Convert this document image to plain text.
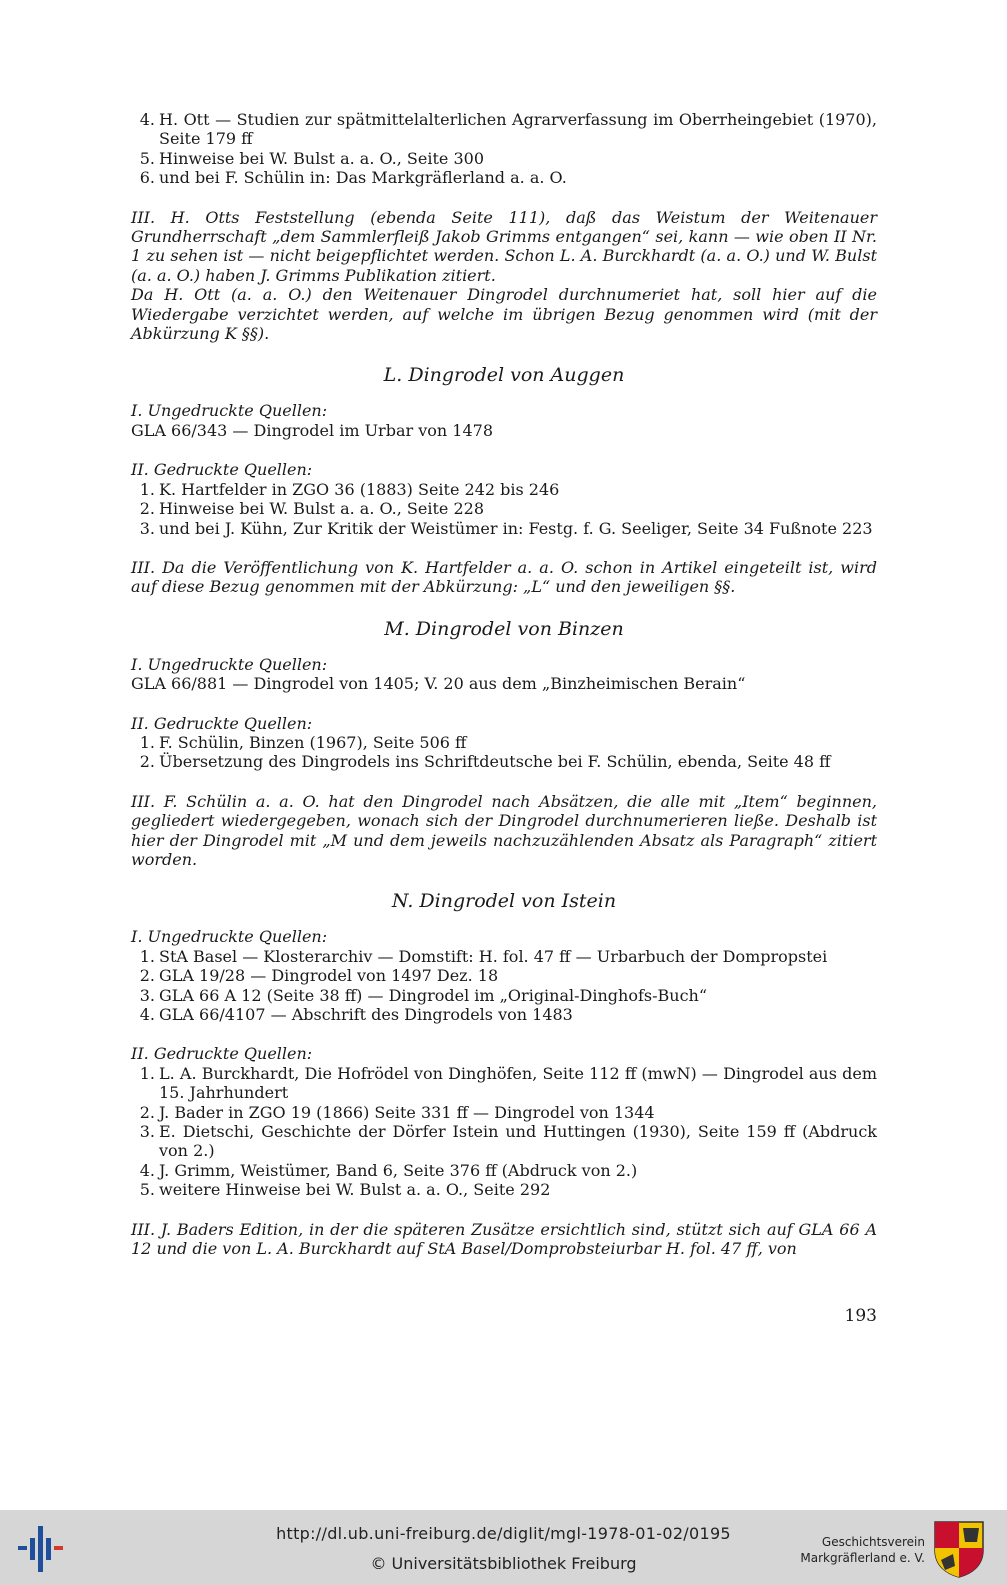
4. H. Ott — Studien zur spätmittelalterlichen Agrarverfassung im Oberrheingebiet (1970), Seite 179 ff
5. Hinweise bei W. Bulst a. a. O., Seite 300
6. und bei F. Schülin in: Das Markgräflerland a. a. O.

III. H. Otts Feststellung (ebenda Seite 111), daß das Weistum der Weitenauer Grundherrschaft „dem Sammlerfleiß Jakob Grimms entgangen“ sei, kann — wie oben II Nr. 1 zu sehen ist — nicht beigepflichtet werden. Schon L. A. Burckhardt (a. a. O.) und W. Bulst (a. a. O.) haben J. Grimms Publikation zitiert.

Da H. Ott (a. a. O.) den Weitenauer Dingrodel durchnumeriet hat, soll hier auf die Wiedergabe verzichtet werden, auf welche im übrigen Bezug genommen wird (mit der Abkürzung K §§).

L. Dingrodel von Auggen

I. Ungedruckte Quellen:

GLA 66/343 — Dingrodel im Urbar von 1478

II. Gedruckte Quellen:

1. K. Hartfelder in ZGO 36 (1883) Seite 242 bis 246
2. Hinweise bei W. Bulst a. a. O., Seite 228
3. und bei J. Kühn, Zur Kritik der Weistümer in: Festg. f. G. Seeliger, Seite 34 Fußnote 223

III. Da die Veröffentlichung von K. Hartfelder a. a. O. schon in Artikel eingeteilt ist, wird auf diese Bezug genommen mit der Abkürzung: „L“ und den jeweiligen §§.

M. Dingrodel von Binzen

I. Ungedruckte Quellen:

GLA 66/881 — Dingrodel von 1405; V. 20 aus dem „Binzheimischen Berain“

II. Gedruckte Quellen:

1. F. Schülin, Binzen (1967), Seite 506 ff
2. Übersetzung des Dingrodels ins Schriftdeutsche bei F. Schülin, ebenda, Seite 48 ff

III. F. Schülin a. a. O. hat den Dingrodel nach Absätzen, die alle mit „Item“ beginnen, gegliedert wiedergegeben, wonach sich der Dingrodel durchnumerieren ließe. Deshalb ist hier der Dingrodel mit „M und dem jeweils nachzuzählenden Absatz als Paragraph“ zitiert worden.

N. Dingrodel von Istein

I. Ungedruckte Quellen:

1. StA Basel — Klosterarchiv — Domstift: H. fol. 47 ff — Urbarbuch der Dompropstei
2. GLA 19/28 — Dingrodel von 1497 Dez. 18
3. GLA 66 A 12 (Seite 38 ff) — Dingrodel im „Original-Dinghofs-Buch“
4. GLA 66/4107 — Abschrift des Dingrodels von 1483

II. Gedruckte Quellen:

1. L. A. Burckhardt, Die Hofrödel von Dinghöfen, Seite 112 ff (mwN) — Dingrodel aus dem 15. Jahrhundert
2. J. Bader in ZGO 19 (1866) Seite 331 ff — Dingrodel von 1344
3. E. Dietschi, Geschichte der Dörfer Istein und Huttingen (1930), Seite 159 ff (Abdruck von 2.)
4. J. Grimm, Weistümer, Band 6, Seite 376 ff (Abdruck von 2.)
5. weitere Hinweise bei W. Bulst a. a. O., Seite 292

III. J. Baders Edition, in der die späteren Zusätze ersichtlich sind, stützt sich auf GLA 66 A 12 und die von L. A. Burckhardt auf StA Basel/Domprobsteiurbar H. fol. 47 ff, von

193
http://dl.ub.uni-freiburg.de/diglit/mgl-1978-01-02/0195
© Universitätsbibliothek Freiburg
Geschichtsverein
Markgräflerland e. V.
